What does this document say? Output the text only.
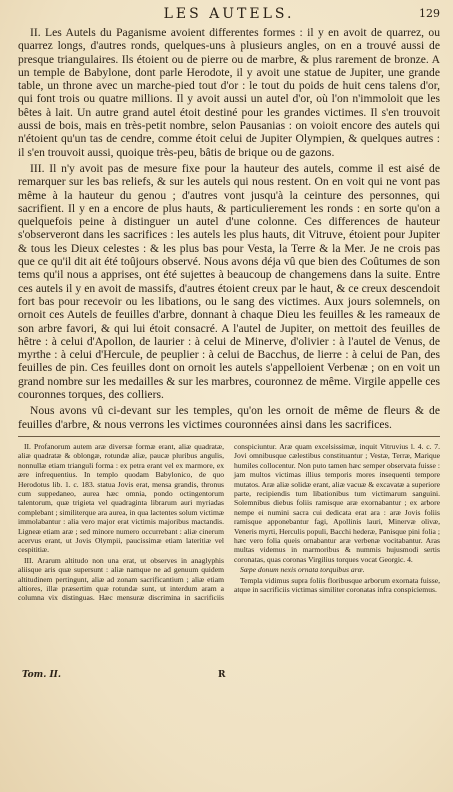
LES AUTELS.	129

II. Les Autels du Paganisme avoient differentes formes : il y en avoit de quarrez, ou quarrez longs, d'autres ronds, quelques-uns à plusieurs angles, on en a trouvé aussi de presque triangulaires. Ils étoient ou de pierre ou de marbre, & plus rarement de bronze. A un temple de Babylone, dont parle Herodote, il y avoit une statue de Jupiter, une grande table, un throne avec un marche-pied tout d'or : le tout du poids de huit cens talens d'or, qui font trois ou quatre millions. Il y avoit aussi un autel d'or, où l'on n'immoloit que les bêtes à lait. Un autre grand autel étoit destiné pour les grandes victimes. Il s'en trouvoit aussi de bois, mais en très-petit nombre, selon Pausanias : on voioit encore des autels qui n'étoient qu'un tas de cendre, comme étoit celui de Jupiter Olympien, & quelques autres : il s'en trouvoit aussi, quoique très-peu, bâtis de brique ou de gazons.

III. Il n'y avoit pas de mesure fixe pour la hauteur des autels, comme il est aisé de remarquer sur les bas reliefs, & sur les autels qui nous restent. On en voit qui ne vont pas même à la hauteur du genou ; d'autres vont jusqu'à la ceinture des personnes, qui sacrifient. Il y en a encore de plus hauts, & particulierement les ronds : en sorte qu'on a quelquefois peine à distinguer un autel d'une colonne. Ces differences de hauteur s'observeront dans les sacrifices : les autels les plus hauts, dit Vitruve, étoient pour Jupiter & tous les Dieux celestes : & les plus bas pour Vesta, la Terre & la Mer. Je ne crois pas que ce qu'il dit ait été toûjours observé. Nous avons déja vû que bien des Coûtumes de son tems qu'il nous a apprises, ont été sujettes à beaucoup de changemens dans la suite. Entre ces autels il y en avoit de massifs, d'autres étoient creux par le haut, & ce creux descendoit fort bas pour recevoir ou les libations, ou le sang des victimes. Aux jours solemnels, on ornoit ces Autels de feuilles d'arbre, donnant à chaque Dieu les feuilles & les rameaux de son arbre favori, & qui lui étoit consacré. A l'autel de Jupiter, on mettoit des feuilles de hêtre : à celui d'Apollon, de laurier : à celui de Minerve, d'olivier : à l'autel de Venus, de myrthe : à celui d'Hercule, de peuplier : à celui de Bacchus, de lierre : à celui de Pan, des feuilles de pin. Ces feuilles dont on ornoit les autels s'appelloient Verbenæ ; on en voit un grand nombre sur les medailles & sur les marbres, couronnez de même. Virgile appelle ces couronnes torques, des colliers.

Nous avons vû ci-devant sur les temples, qu'on les ornoit de même de fleurs & de feuilles d'arbre, & nous verrons les victimes couronnées ainsi dans les sacrifices.

II. Profanorum autem aræ diversæ formæ erant, aliæ quadratæ, aliæ quadratæ & oblongæ, rotundæ aliæ, paucæ pluribus angulis, nonnullæ etiam trianguli forma : ex petra erant vel ex marmore, ex ære infrequentius. In templo quodam Babylonico, de quo Herodotus lib. 1. c. 183. statua Jovis erat, mensa grandis, thronus cum suppedaneo, aurea hæc omnia, pondo octingentorum talentorum, quæ trigieta vel quadraginta librarum auri myriadas complebant ; similiterque ara aurea, in qua lactentes solum victimæ immolabantur : alia vero major erat victimis majoribus mactandis. Ligneæ etiam aræ ; sed minore numero occurrebant : aliæ cinerum acervus erant, ut Jovis Olympii, paucissimæ etiam lateritiæ vel cespititiæ.

III. Ararum altitudo non una erat, ut observes in anaglyphis aliisque aris quæ supersunt : aliæ namque ne ad genuum quidem altitudinem pertingunt, aliæ ad zonam sacrificantium ; aliæ etiam altiores, illæ præsertim quæ rotundæ sunt, ut interdum aram a columna vix distinguas. Hæc mensuræ discrimina in sacrificiis conspiciuntur. Aræ quam excelsissimæ, inquit Vitruvius l. 4. c. 7. Jovi omnibusque cælestibus constituantur ; Vestæ, Terræ, Marique humiles collocentur. Non puto tamen hæc semper observata fuisse : jam multos victimas illius temporis mores insequenti tempore mutatos. Aræ aliæ solidæ erant, aliæ vacuæ & excavatæ a superiore parte, recipiendis tum libationibus tum victimarum sanguini. Solemnibus diebus foliis ramisque aræ exornabantur ; ex arbore nempe ei numini sacra cui dedicata erat ara : aræ Jovis foliis ramisque apponebantur fagi, Apollinis lauri, Minervæ olivæ, Veneris myrti, Herculis populi, Bacchi hederæ, Panisque pini folia ; hæc vero folia queis ornabantur aræ verbenæ vocitabantur. Aras multas videmus in marmoribus & nummis hujusmodi sertis coronatas, quas coronas Virgilius torques vocat Georgic. 4.

Sæpe donum nexis ornata torquibus aræ.

Templa vidimus supra foliis floribusque arborum exornata fuisse, atque in sacrificiis victimas similiter coronatas infra conspiciemus.

Tom. II.	R
